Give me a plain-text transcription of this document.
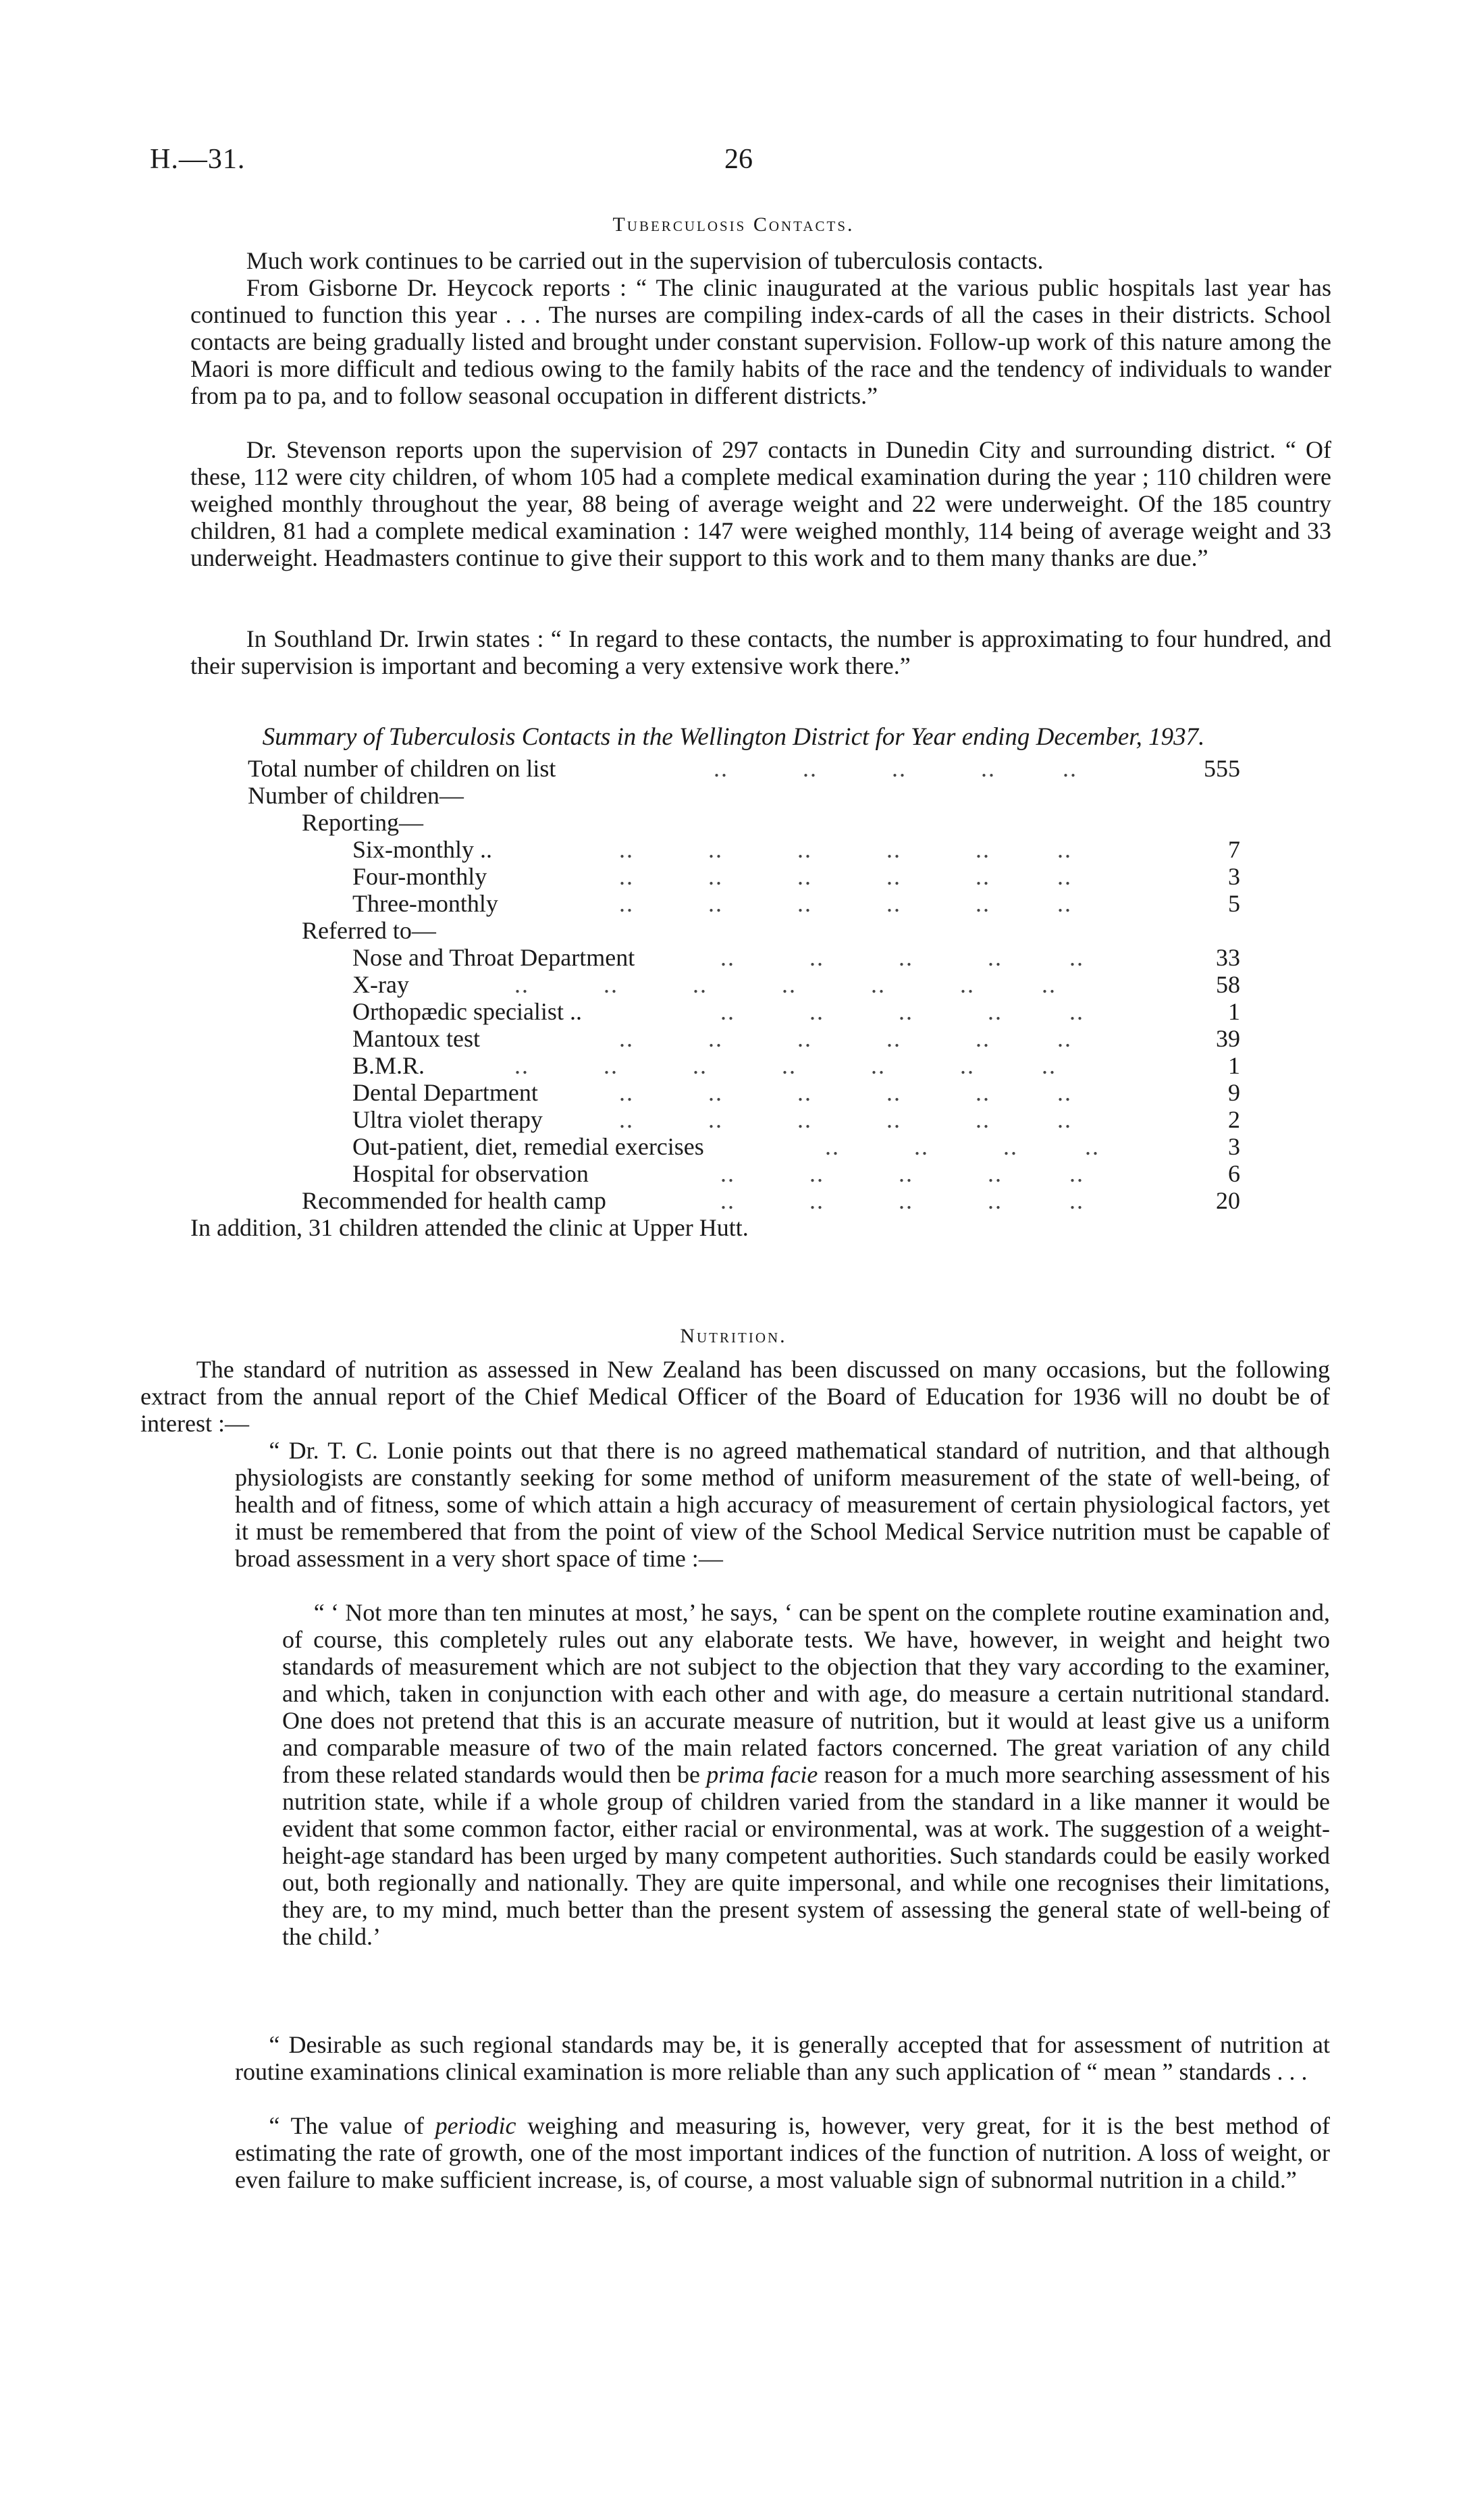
H.—31.	26
Tuberculosis Contacts.

Much work continues to be carried out in the supervision of tuberculosis contacts.

From Gisborne Dr. Heycock reports : “ The clinic inaugurated at the various public hospitals last year has continued to function this year . . . The nurses are compiling index-cards of all the cases in their districts. School contacts are being gradually listed and brought under constant supervision. Follow-up work of this nature among the Maori is more difficult and tedious owing to the family habits of the race and the tendency of individuals to wander from pa to pa, and to follow seasonal occupation in different districts.”

Dr. Stevenson reports upon the supervision of 297 contacts in Dunedin City and surrounding district. “ Of these, 112 were city children, of whom 105 had a complete medical examination during the year ; 110 children were weighed monthly throughout the year, 88 being of average weight and 22 were underweight. Of the 185 country children, 81 had a complete medical examination : 147 were weighed monthly, 114 being of average weight and 33 underweight. Headmasters continue to give their support to this work and to them many thanks are due.”

In Southland Dr. Irwin states : “ In regard to these contacts, the number is approximating to four hundred, and their supervision is important and becoming a very extensive work there.”

Summary of Tuberculosis Contacts in the Wellington District for Year ending December, 1937.
Total number of children on list	..          ..          ..          ..         ..	555
Number of children—
Reporting—
Six-monthly ..	..          ..          ..          ..          ..         ..	7
Four-monthly	..          ..          ..          ..          ..         ..	3
Three-monthly	..          ..          ..          ..          ..         ..	5
Referred to—
Nose and Throat Department	..          ..          ..          ..         ..	33
X-ray	..          ..          ..          ..          ..          ..         ..	58
Orthopædic specialist ..	..          ..          ..          ..         ..	1
Mantoux test	..          ..          ..          ..          ..         ..	39
B.M.R.	..          ..          ..          ..          ..          ..         ..	1
Dental Department	..          ..          ..          ..          ..         ..	9
Ultra violet therapy	..          ..          ..          ..          ..         ..	2
Out-patient, diet, remedial exercises	..          ..          ..         ..	3
Hospital for observation	..          ..          ..          ..         ..	6
Recommended for health camp	..          ..          ..          ..         ..	20
In addition, 31 children attended the clinic at Upper Hutt.
Nutrition.

The standard of nutrition as assessed in New Zealand has been discussed on many occasions, but the following extract from the annual report of the Chief Medical Officer of the Board of Education for 1936 will no doubt be of interest :—

“ Dr. T. C. Lonie points out that there is no agreed mathematical standard of nutrition, and that although physiologists are constantly seeking for some method of uniform measurement of the state of well-being, of health and of fitness, some of which attain a high accuracy of measurement of certain physiological factors, yet it must be remembered that from the point of view of the School Medical Service nutrition must be capable of broad assessment in a very short space of time :—

“ ‘ Not more than ten minutes at most,’ he says, ‘ can be spent on the complete routine examination and, of course, this completely rules out any elaborate tests. We have, however, in weight and height two standards of measurement which are not subject to the objection that they vary according to the examiner, and which, taken in conjunction with each other and with age, do measure a certain nutritional standard. One does not pretend that this is an accurate measure of nutrition, but it would at least give us a uniform and comparable measure of two of the main related factors concerned. The great variation of any child from these related standards would then be prima facie reason for a much more searching assessment of his nutrition state, while if a whole group of children varied from the standard in a like manner it would be evident that some common factor, either racial or environmental, was at work. The suggestion of a weight-height-age standard has been urged by many competent authorities. Such standards could be easily worked out, both regionally and nationally. They are quite impersonal, and while one recognises their limitations, they are, to my mind, much better than the present system of assessing the general state of well-being of the child.’

“ Desirable as such regional standards may be, it is generally accepted that for assessment of nutrition at routine examinations clinical examination is more reliable than any such application of “ mean ” standards . . .

“ The value of periodic weighing and measuring is, however, very great, for it is the best method of estimating the rate of growth, one of the most important indices of the function of nutrition. A loss of weight, or even failure to make sufficient increase, is, of course, a most valuable sign of subnormal nutrition in a child.”
